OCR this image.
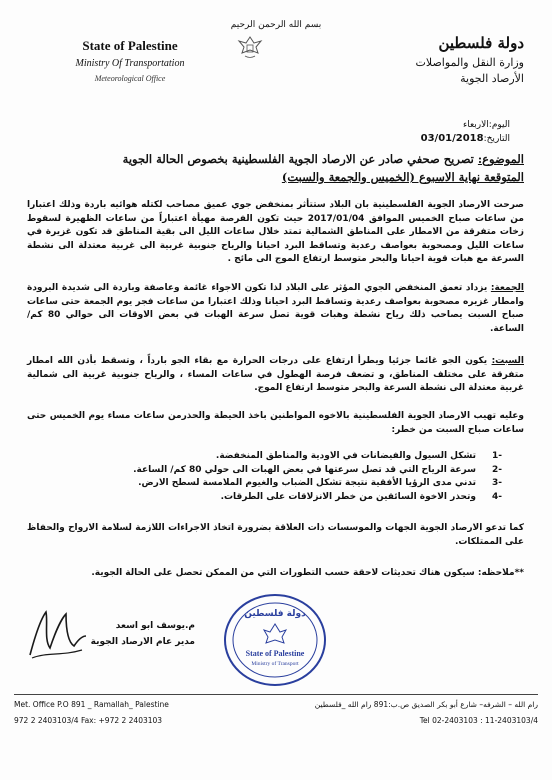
بسم الله الرحمن الرحيم
State of Palestine
Ministry Of Transportation
Meteorological Office
دولة فلسطين
وزارة النقل والمواصلات
الأرصاد الجوية
اليوم:الاربعاء
التاريخ:03/01/2018
الموضوع: تصريح صحفي صادر عن الارصاد الجوية الفلسطينية بخصوص الحالة الجوية
المتوقعة نهاية الاسبوع (الخميس والجمعة والسبت)
صرحت الارصاد الجوية الفلسطينية بان البلاد ستتأثر بمنخفض جوي عميق مصاحب لكتله هوائيه باردة وذلك اعتبارا من ساعات صباح الخميس الموافق 2017/01/04 حيث تكون الفرصة مهيأة اعتباراً من ساعات الظهيرة لسقوط زخات متفرقة من الامطار على المناطق الشمالية تمتد خلال ساعات الليل الى بقية المناطق قد تكون غزيرة في ساعات الليل ومصحوبة بعواصف رعدية وتساقط البرد احيانا والرياح جنوبية غربية الى غربية معتدلة الى نشطة السرعة مع هبات قوية احيانا والبحر متوسط ارتفاع الموج الى مائج .
الجمعة: يزداد تعمق المنخفض الجوي المؤثر على البلاد لذا تكون الاجواء غائمة وعاصفة وباردة الى شديدة البرودة وامطار غزيره مصحوبة بعواصف رعدية وتساقط البرد احيانا وذلك اعتبارا من ساعات فجر يوم الجمعة حتى ساعات صباح السبت يصاحب ذلك رياح نشطة وهبات قوية تصل سرعة الهبات في بعض الاوقات الى حوالي 80 كم/ الساعة.
السبت: يكون الجو غائما جزئيا ويطرأ ارتفاع على درجات الحرارة مع بقاء الجو بارداً ، وتسقط بأذن الله امطار متفرقة على مختلف المناطق، و تضعف فرصة الهطول في ساعات المساء ، والرياح جنوبية غربية الى شمالية غربية معتدلة الى نشطة السرعة والبحر متوسط ارتفاع الموج.
وعليه تهيب الارصاد الجوية الفلسطينية بالاخوه المواطنين باخذ الحيطة والحذرمن ساعات مساء يوم الخميس حتى ساعات صباح السبت من خطر:
-1
تشكل السيول والفيضانات في الاودية والمناطق المنخفضة.
-2
سرعة الرياح التي قد تصل سرعتها في بعض الهبات الى حولي 80 كم/ الساعة.
-3
تدني مدى الرؤيا الأفقية نتيجة تشكل الضباب والغيوم الملامسة لسطح الارض.
-4
وتحذر الاخوة السائقين من خطر الانزلاقات على الطرقات.
كما تدعو الارصاد الجوية الجهات والموسسات ذات العلاقة بضرورة اتخاذ الاجراءات اللازمة لسلامة الارواح والحفاظ على الممتلكات.
**ملاحظه: سيكون هناك تحديثات لاحقة حسب التطورات التي من الممكن تحصل على الحالة الجوية.
دولة فلسطين
State of Palestine
Ministry of Transport
م.يوسف ابو اسعد
مدير عام الارصاد الجوية
Met. Office P.O 891 _ Ramallah_ Palestine	رام الله – الشرفه– شارع أبو بكر الصديق ص.ب:891 رام الله _فلسطين
972 2 2403103/4 Fax: +972 2 2403103	Tel 02-2403103 : 11-2403103/4
